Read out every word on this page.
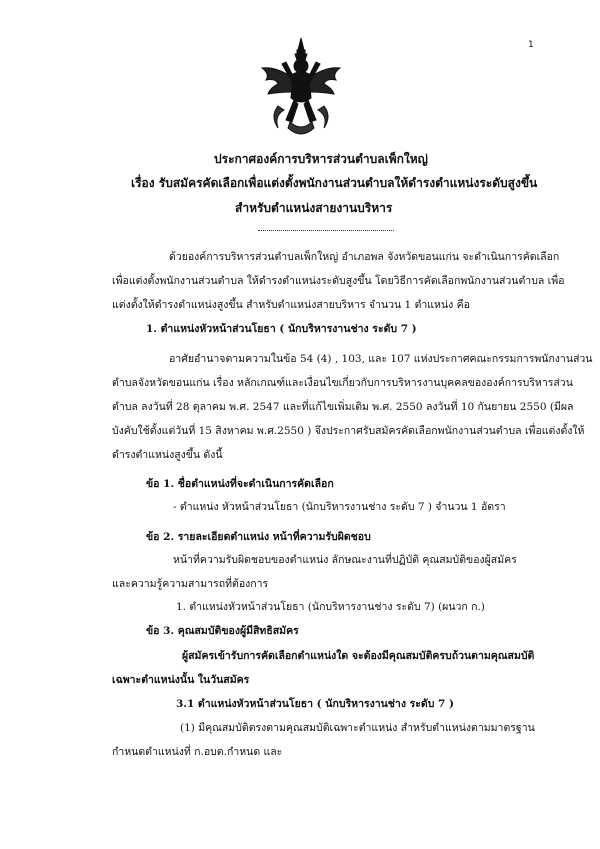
1
ประกาศองค์การบริหารส่วนตำบลเพ็กใหญ่
เรื่อง รับสมัครคัดเลือกเพื่อแต่งตั้งพนักงานส่วนตำบลให้ดำรงตำแหน่งระดับสูงขึ้น
สำหรับตำแหน่งสายงานบริหาร
ด้วยองค์การบริหารส่วนตำบลเพ็กใหญ่ อำเภอพล จังหวัดขอนแก่น จะดำเนินการคัดเลือก
เพื่อแต่งตั้งพนักงานส่วนตำบล ให้ดำรงตำแหน่งระดับสูงขึ้น โดยวิธีการคัดเลือกพนักงานส่วนตำบล เพื่อ
แต่งตั้งให้ดำรงตำแหน่งสูงขึ้น สำหรับตำแหน่งสายบริหาร จำนวน 1 ตำแหน่ง คือ
1. ตำแหน่งหัวหน้าส่วนโยธา ( นักบริหารงานช่าง ระดับ 7 )
อาศัยอำนาจตามความในข้อ 54 (4) , 103, และ 107 แห่งประกาศคณะกรรมการพนักงานส่วน
ตำบลจังหวัดขอนแก่น เรื่อง หลักเกณฑ์และเงื่อนไขเกี่ยวกับการบริหารงานบุคคลขององค์การบริหารส่วน
ตำบล ลงวันที่ 28 ตุลาคม พ.ศ. 2547 และที่แก้ไขเพิ่มเติม พ.ศ. 2550 ลงวันที่ 10 กันยายน 2550 (มีผล
บังคับใช้ตั้งแต่วันที่ 15 สิงหาคม พ.ศ.2550 ) จึงประกาศรับสมัครคัดเลือกพนักงานส่วนตำบล เพื่อแต่งตั้งให้
ดำรงตำแหน่งสูงขึ้น ดังนี้
ข้อ 1. ชื่อตำแหน่งที่จะดำเนินการคัดเลือก
- ตำแหน่ง หัวหน้าส่วนโยธา (นักบริหารงานช่าง ระดับ 7 ) จำนวน 1 อัตรา
ข้อ 2. รายละเอียดตำแหน่ง หน้าที่ความรับผิดชอบ
หน้าที่ความรับผิดชอบของตำแหน่ง ลักษณะงานที่ปฏิบัติ คุณสมบัติของผู้สมัคร
และความรู้ความสามารถที่ต้องการ
1. ตำแหน่งหัวหน้าส่วนโยธา (นักบริหารงานช่าง ระดับ 7) (ผนวก ก.)
ข้อ 3. คุณสมบัติของผู้มีสิทธิสมัคร
ผู้สมัครเข้ารับการคัดเลือกตำแหน่งใด จะต้องมีคุณสมบัติครบถ้วนตามคุณสมบัติ
เฉพาะตำแหน่งนั้น ในวันสมัคร
3.1 ตำแหน่งหัวหน้าส่วนโยธา ( นักบริหารงานช่าง ระดับ 7 )
(1) มีคุณสมบัติตรงตามคุณสมบัติเฉพาะตำแหน่ง สำหรับตำแหน่งตามมาตรฐาน
กำหนดตำแหน่งที่ ก.อบต.กำหนด และ
